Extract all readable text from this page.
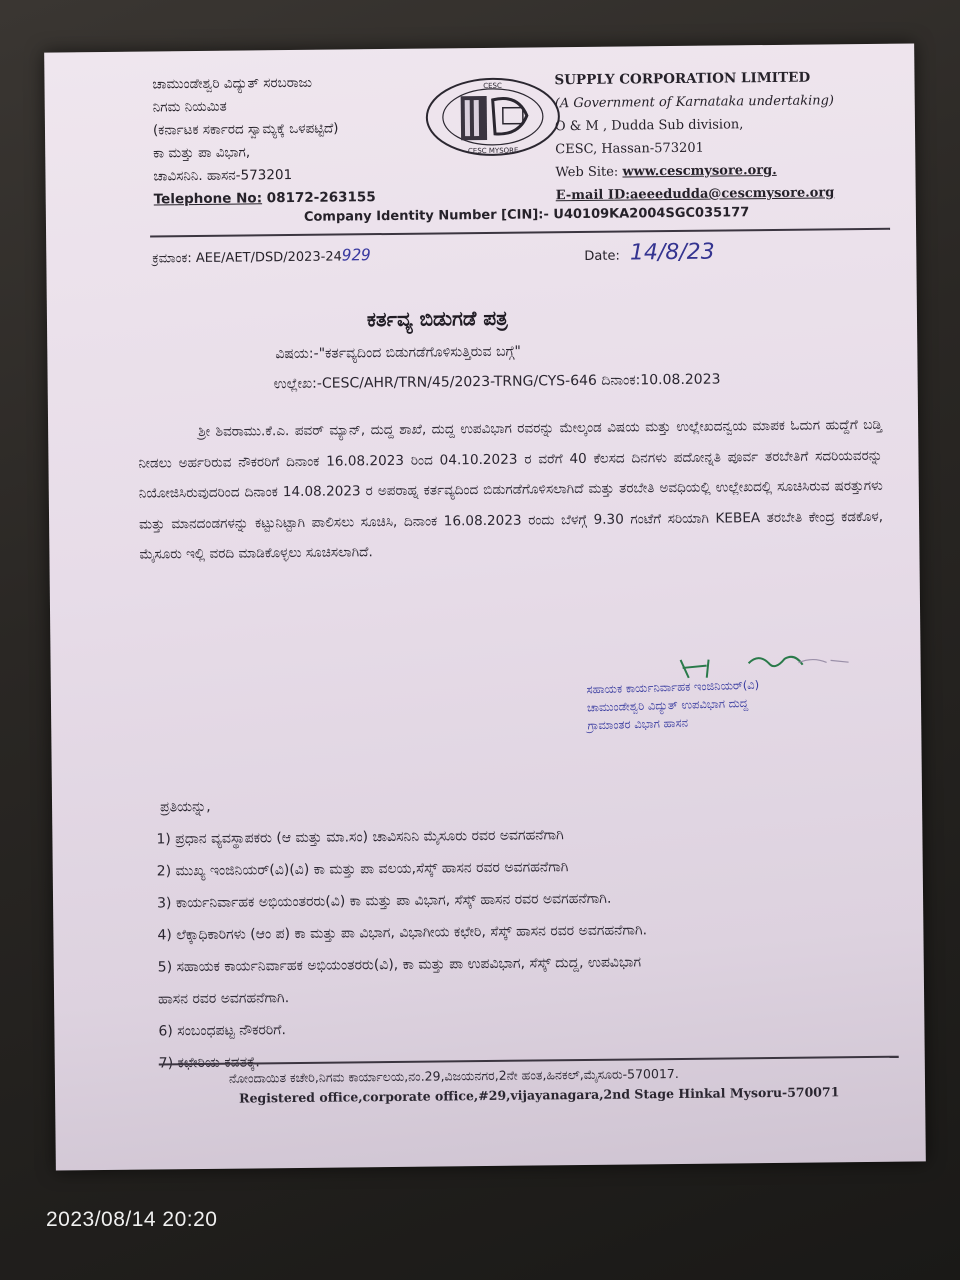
ಚಾಮುಂಡೇಶ್ವರಿ ವಿದ್ಯುತ್ ಸರಬರಾಜು
ನಿಗಮ ನಿಯಮಿತ
(ಕರ್ನಾಟಕ ಸರ್ಕಾರದ ಸ್ವಾಮ್ಯಕ್ಕೆ ಒಳಪಟ್ಟಿದೆ)
ಕಾ ಮತ್ತು ಪಾ ವಿಭಾಗ,
ಚಾವಿಸನಿನಿ. ಹಾಸನ-573201
Telephone No: 08172-263155
CESC
CESC MYSORE
SUPPLY CORPORATION LIMITED
(A Government of Karnataka undertaking)
O & M , Dudda Sub division,
CESC, Hassan-573201
Web Site: www.cescmysore.org.
E-mail ID:aeeedudda@cescmysore.org
Company Identity Number [CIN]:- U40109KA2004SGC035177
ಕ್ರಮಾಂಕ: AEE/AET/DSD/2023-24929	Date: 14/8/23
ಕರ್ತವ್ಯ ಬಿಡುಗಡೆ ಪತ್ರ
ವಿಷಯ:-"ಕರ್ತವ್ಯದಿಂದ ಬಿಡುಗಡೆಗೊಳಿಸುತ್ತಿರುವ ಬಗ್ಗೆ"
ಉಲ್ಲೇಖ:-CESC/AHR/TRN/45/2023-TRNG/CYS-646 ದಿನಾಂಕ:10.08.2023
ಶ್ರೀ ಶಿವರಾಮು.ಕೆ.ಎ. ಪವರ್ ಮ್ಯಾನ್, ದುದ್ದ ಶಾಖೆ, ದುದ್ದ ಉಪವಿಭಾಗ ರವರನ್ನು ಮೇಲ್ಕಂಡ ವಿಷಯ ಮತ್ತು ಉಲ್ಲೇಖದನ್ವಯ ಮಾಪಕ ಓದುಗ ಹುದ್ದೆಗೆ ಬಡ್ತಿ ನೀಡಲು ಅರ್ಹರಿರುವ ನೌಕರರಿಗೆ ದಿನಾಂಕ 16.08.2023 ರಿಂದ 04.10.2023 ರ ವರೆಗೆ 40 ಕೆಲಸದ ದಿನಗಳು ಪದೋನ್ನತಿ ಪೂರ್ವ ತರಬೇತಿಗೆ ಸದರಿಯವರನ್ನು ನಿಯೋಜಿಸಿರುವುದರಿಂದ ದಿನಾಂಕ 14.08.2023 ರ ಅಪರಾಹ್ನ ಕರ್ತವ್ಯದಿಂದ ಬಿಡುಗಡೆಗೊಳಿಸಲಾಗಿದೆ ಮತ್ತು ತರಬೇತಿ ಅವಧಿಯಲ್ಲಿ ಉಲ್ಲೇಖದಲ್ಲಿ ಸೂಚಿಸಿರುವ ಷರತ್ತುಗಳು ಮತ್ತು ಮಾನದಂಡಗಳನ್ನು ಕಟ್ಟುನಿಟ್ಟಾಗಿ ಪಾಲಿಸಲು ಸೂಚಿಸಿ, ದಿನಾಂಕ 16.08.2023 ರಂದು ಬೆಳಗ್ಗೆ 9.30 ಗಂಟೆಗೆ ಸರಿಯಾಗಿ KEBEA ತರಬೇತಿ ಕೇಂದ್ರ ಕಡಕೊಳ, ಮೈಸೂರು ಇಲ್ಲಿ ವರದಿ ಮಾಡಿಕೊಳ್ಳಲು ಸೂಚಿಸಲಾಗಿದೆ.
ಸಹಾಯಕ ಕಾರ್ಯನಿರ್ವಾಹಕ ಇಂಜಿನಿಯರ್(ವಿ)
ಚಾಮುಂಡೇಶ್ವರಿ ವಿದ್ಯುತ್ ಉಪವಿಭಾಗ ದುದ್ದ
ಗ್ರಾಮಾಂತರ ವಿಭಾಗ ಹಾಸನ
ಪ್ರತಿಯನ್ನು,
1) ಪ್ರಧಾನ ವ್ಯವಸ್ಥಾಪಕರು (ಆ ಮತ್ತು ಮಾ.ಸಂ) ಚಾವಿಸನಿನಿ ಮೈಸೂರು ರವರ ಅವಗಹನೆಗಾಗಿ
2) ಮುಖ್ಯ ಇಂಜಿನಿಯರ್(ವಿ)(ವಿ) ಕಾ ಮತ್ತು ಪಾ ವಲಯ,ಸೆಸ್ಕ್ ಹಾಸನ ರವರ ಅವಗಹನೆಗಾಗಿ
3) ಕಾರ್ಯನಿರ್ವಾಹಕ ಅಭಿಯಂತರರು(ವಿ) ಕಾ ಮತ್ತು ಪಾ ವಿಭಾಗ, ಸೆಸ್ಕ್ ಹಾಸನ ರವರ ಅವಗಹನೆಗಾಗಿ.
4) ಲೆಕ್ಕಾಧಿಕಾರಿಗಳು (ಆಂ ಪ) ಕಾ ಮತ್ತು ಪಾ ವಿಭಾಗ, ವಿಭಾಗೀಯ ಕಛೇರಿ, ಸೆಸ್ಕ್ ಹಾಸನ ರವರ ಅವಗಹನೆಗಾಗಿ.
5) ಸಹಾಯಕ ಕಾರ್ಯನಿರ್ವಾಹಕ ಅಭಿಯಂತರರು(ವಿ), ಕಾ ಮತ್ತು ಪಾ ಉಪವಿಭಾಗ, ಸೆಸ್ಕ್ ದುದ್ದ, ಉಪವಿಭಾಗ
ಹಾಸನ ರವರ ಅವಗಹನೆಗಾಗಿ.
6) ಸಂಬಂಧಪಟ್ಟ ನೌಕರರಿಗೆ.
7) ಕಛೇರಿಯ ಕಡತಕ್ಕೆ.
ನೋಂದಾಯಿತ ಕಚೇರಿ,ನಿಗಮ ಕಾರ್ಯಾಲಯ,ನಂ.29,ವಿಜಯನಗರ,2ನೇ ಹಂತ,ಹಿನಕಲ್,ಮೈಸೂರು-570017.
Registered office,corporate office,#29,vijayanagara,2nd Stage Hinkal Mysoru-570071
2023/08/14 20:20
